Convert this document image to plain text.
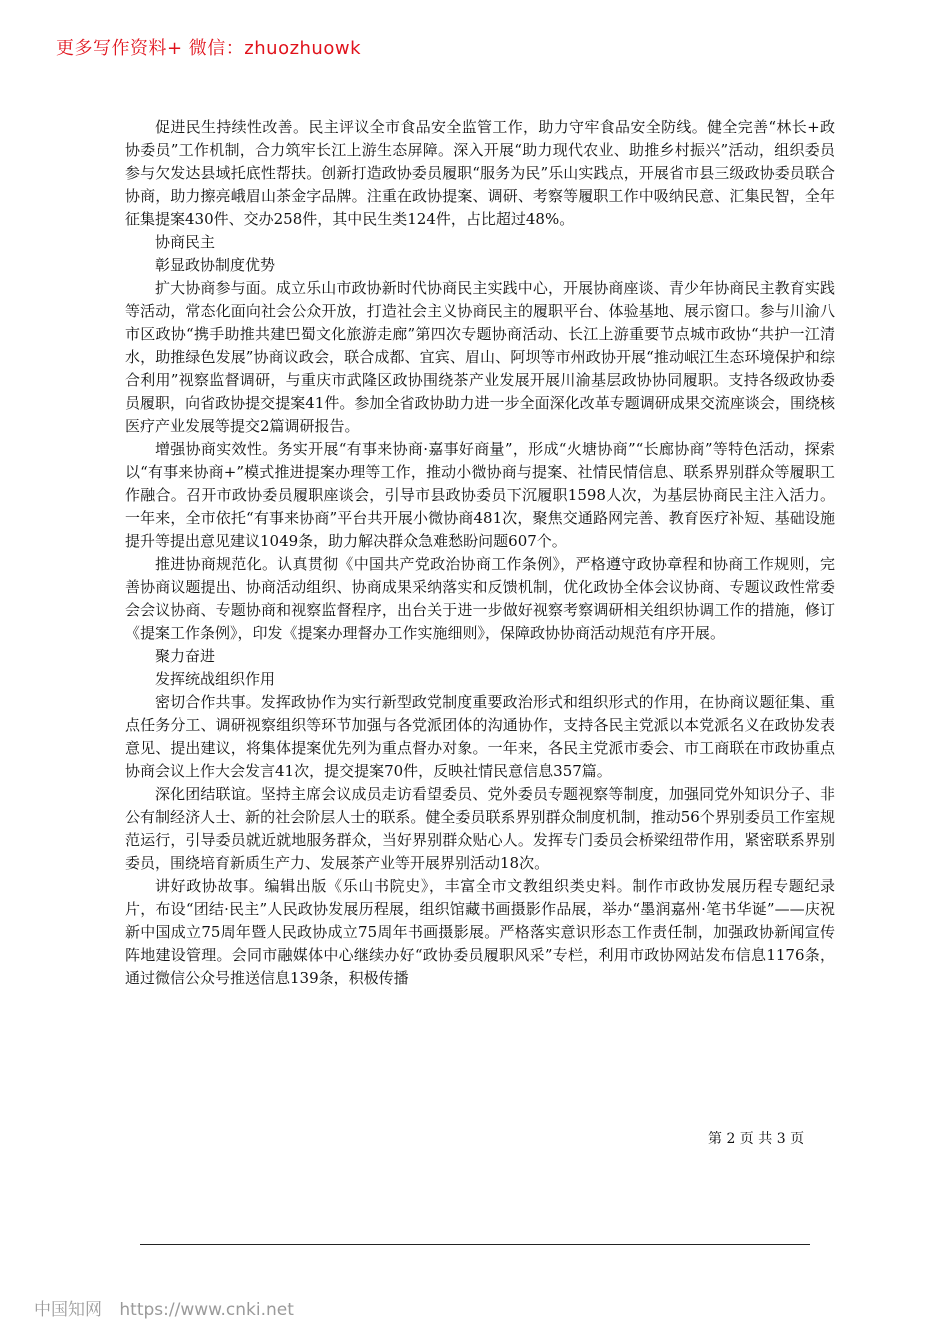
更多写作资料+ 微信：zhuozhuowk

促进民生持续性改善。民主评议全市食品安全监管工作，助力守牢食品安全防线。健全完善“林长+政协委员”工作机制，合力筑牢长江上游生态屏障。深入开展“助力现代农业、助推乡村振兴”活动，组织委员参与欠发达县域托底性帮扶。创新打造政协委员履职“服务为民”乐山实践点，开展省市县三级政协委员联合协商，助力擦亮峨眉山茶金字品牌。注重在政协提案、调研、考察等履职工作中吸纳民意、汇集民智，全年征集提案430件、交办258件，其中民生类124件，占比超过48%。

协商民主

彰显政协制度优势

扩大协商参与面。成立乐山市政协新时代协商民主实践中心，开展协商座谈、青少年协商民主教育实践等活动，常态化面向社会公众开放，打造社会主义协商民主的履职平台、体验基地、展示窗口。参与川渝八市区政协“携手助推共建巴蜀文化旅游走廊”第四次专题协商活动、长江上游重要节点城市政协“共护一江清水，助推绿色发展”协商议政会，联合成都、宜宾、眉山、阿坝等市州政协开展“推动岷江生态环境保护和综合利用”视察监督调研，与重庆市武隆区政协围绕茶产业发展开展川渝基层政协协同履职。支持各级政协委员履职，向省政协提交提案41件。参加全省政协助力进一步全面深化改革专题调研成果交流座谈会，围绕核医疗产业发展等提交2篇调研报告。

增强协商实效性。务实开展“有事来协商·嘉事好商量”，形成“火塘协商”“长廊协商”等特色活动，探索以“有事来协商+”模式推进提案办理等工作，推动小微协商与提案、社情民情信息、联系界别群众等履职工作融合。召开市政协委员履职座谈会，引导市县政协委员下沉履职1598人次，为基层协商民主注入活力。一年来，全市依托“有事来协商”平台共开展小微协商481次，聚焦交通路网完善、教育医疗补短、基础设施提升等提出意见建议1049条，助力解决群众急难愁盼问题607个。

推进协商规范化。认真贯彻《中国共产党政治协商工作条例》，严格遵守政协章程和协商工作规则，完善协商议题提出、协商活动组织、协商成果采纳落实和反馈机制，优化政协全体会议协商、专题议政性常委会会议协商、专题协商和视察监督程序，出台关于进一步做好视察考察调研相关组织协调工作的措施，修订《提案工作条例》，印发《提案办理督办工作实施细则》，保障政协协商活动规范有序开展。

聚力奋进

发挥统战组织作用

密切合作共事。发挥政协作为实行新型政党制度重要政治形式和组织形式的作用，在协商议题征集、重点任务分工、调研视察组织等环节加强与各党派团体的沟通协作，支持各民主党派以本党派名义在政协发表意见、提出建议，将集体提案优先列为重点督办对象。一年来，各民主党派市委会、市工商联在市政协重点协商会议上作大会发言41次，提交提案70件，反映社情民意信息357篇。

深化团结联谊。坚持主席会议成员走访看望委员、党外委员专题视察等制度，加强同党外知识分子、非公有制经济人士、新的社会阶层人士的联系。健全委员联系界别群众制度机制，推动56个界别委员工作室规范运行，引导委员就近就地服务群众，当好界别群众贴心人。发挥专门委员会桥梁纽带作用，紧密联系界别委员，围绕培育新质生产力、发展茶产业等开展界别活动18次。

讲好政协故事。编辑出版《乐山书院史》，丰富全市文教组织类史料。制作市政协发展历程专题纪录片，布设“团结·民主”人民政协发展历程展，组织馆藏书画摄影作品展，举办“墨润嘉州·笔书华诞”——庆祝新中国成立75周年暨人民政协成立75周年书画摄影展。严格落实意识形态工作责任制，加强政协新闻宣传阵地建设管理。会同市融媒体中心继续办好“政协委员履职风采”专栏，利用市政协网站发布信息1176条，通过微信公众号推送信息139条，积极传播

第 2 页 共 3 页
中国知网 https://www.cnki.net
